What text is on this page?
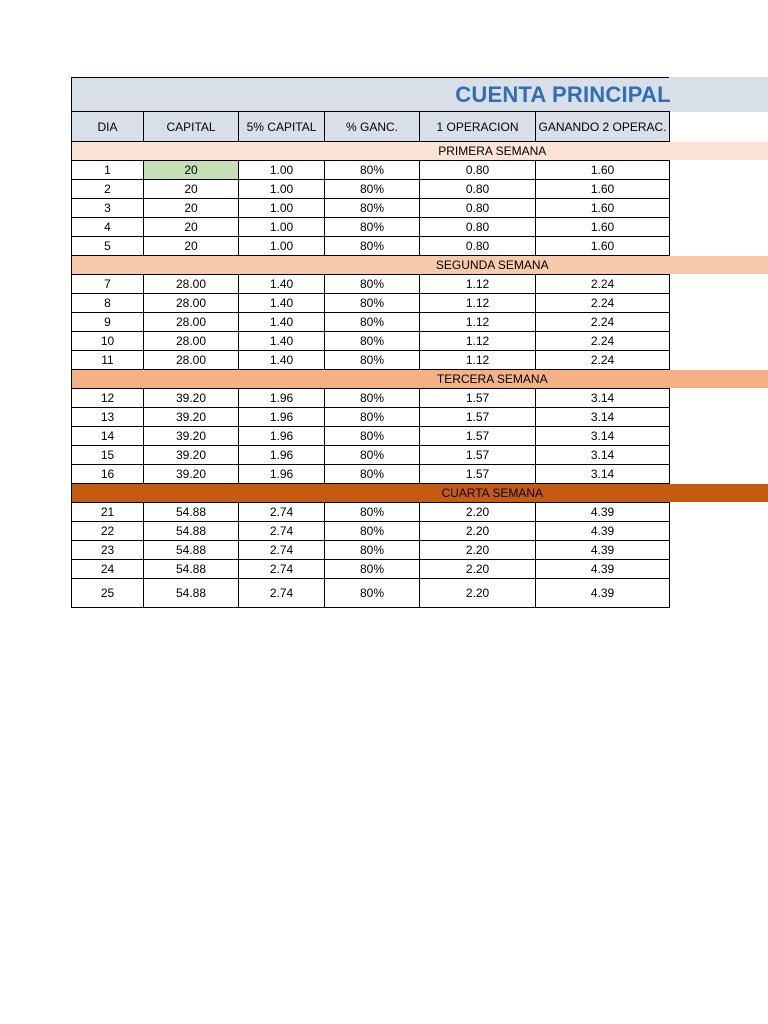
CUENTA PRINCIPAL
DIA	CAPITAL	5% CAPITAL	% GANC.	1 OPERACION	GANANDO 2 OPERAC.

PRIMERA SEMANA					
1	20	1.00	80%	0.80	1.60
2	20	1.00	80%	0.80	1.60
3	20	1.00	80%	0.80	1.60
4	20	1.00	80%	0.80	1.60
5	20	1.00	80%	0.80	1.60

SEGUNDA SEMANA					
7	28.00	1.40	80%	1.12	2.24
8	28.00	1.40	80%	1.12	2.24
9	28.00	1.40	80%	1.12	2.24
10	28.00	1.40	80%	1.12	2.24
11	28.00	1.40	80%	1.12	2.24

TERCERA SEMANA					
12	39.20	1.96	80%	1.57	3.14
13	39.20	1.96	80%	1.57	3.14
14	39.20	1.96	80%	1.57	3.14
15	39.20	1.96	80%	1.57	3.14
16	39.20	1.96	80%	1.57	3.14

CUARTA SEMANA					
21	54.88	2.74	80%	2.20	4.39
22	54.88	2.74	80%	2.20	4.39
23	54.88	2.74	80%	2.20	4.39
24	54.88	2.74	80%	2.20	4.39
25	54.88	2.74	80%	2.20	4.39
